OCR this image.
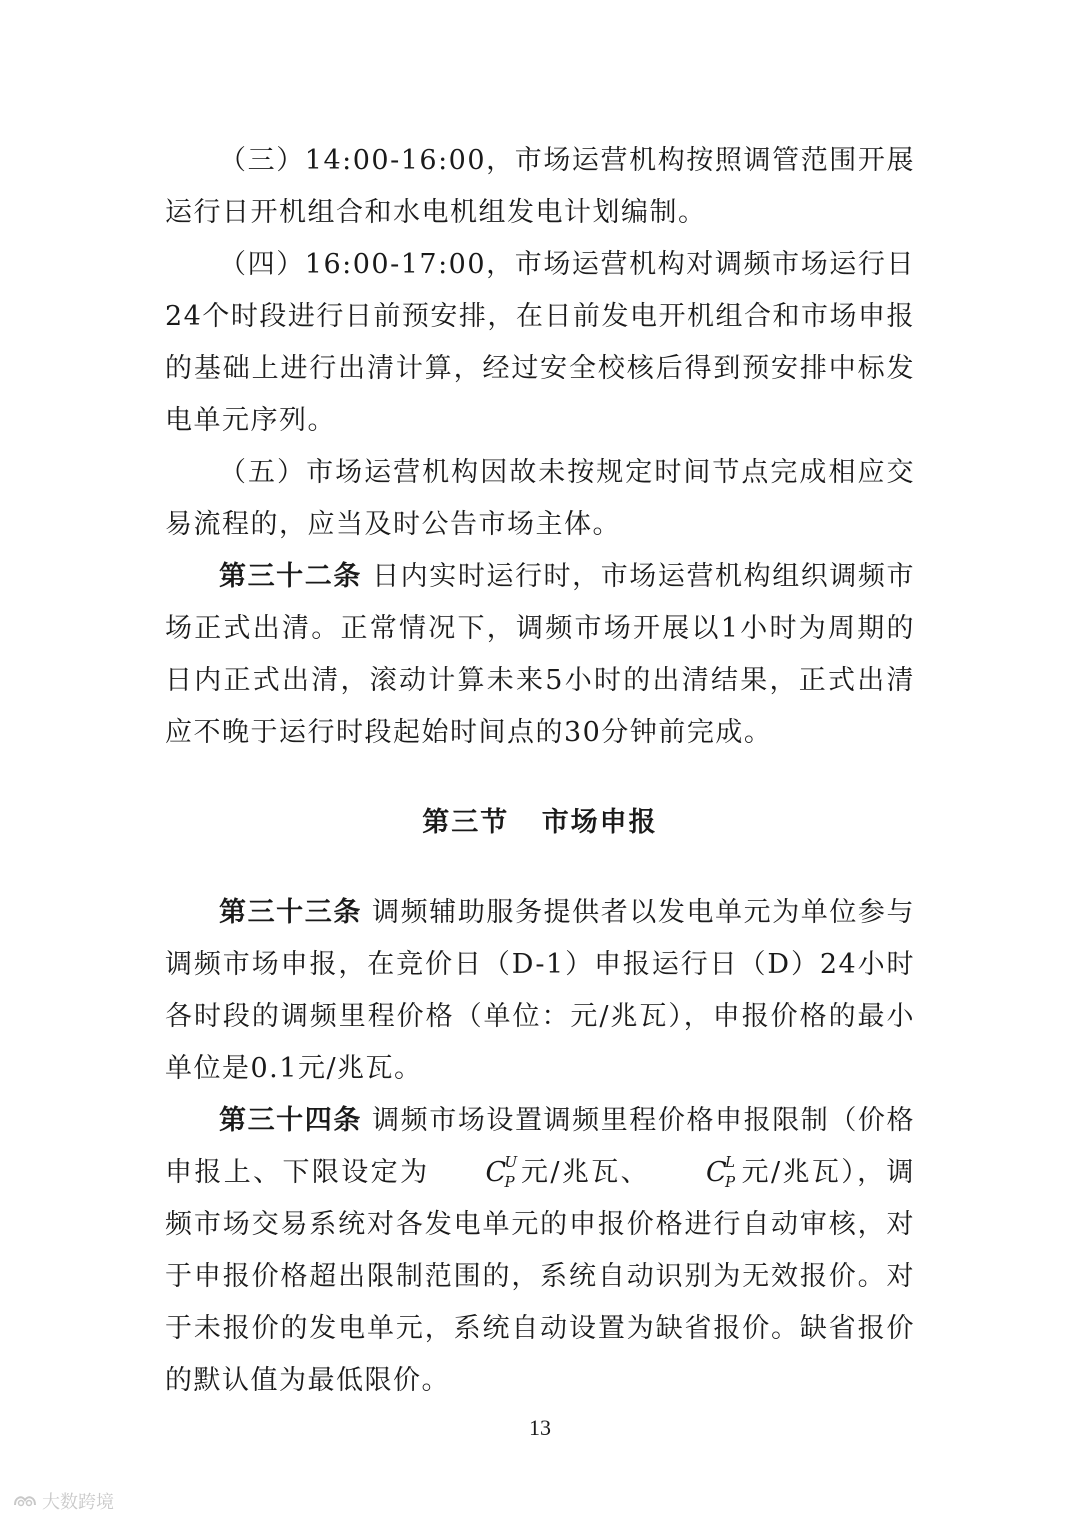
（三）14:00-16:00，市场运营机构按照调管范围开展运行日开机组合和水电机组发电计划编制。

（四）16:00-17:00，市场运营机构对调频市场运行日24个时段进行日前预安排，在日前发电开机组合和市场申报的基础上进行出清计算，经过安全校核后得到预安排中标发电单元序列。

（五）市场运营机构因故未按规定时间节点完成相应交易流程的，应当及时公告市场主体。

第三十二条 日内实时运行时，市场运营机构组织调频市场正式出清。正常情况下，调频市场开展以1小时为周期的日内正式出清，滚动计算未来5小时的出清结果，正式出清应不晚于运行时段起始时间点的30分钟前完成。

第三节 市场申报

第三十三条 调频辅助服务提供者以发电单元为单位参与调频市场申报，在竞价日（D-1）申报运行日（D）24小时各时段的调频里程价格（单位：元/兆瓦），申报价格的最小单位是0.1元/兆瓦。

第三十四条 调频市场设置调频里程价格申报限制（价格申报上、下限设定为 C
U
P 元/兆瓦、 C
L
P 元/兆瓦），调频市场交易系统对各发电单元的申报价格进行自动审核，对于申报价格超出限制范围的，系统自动识别为无效报价。对于未报价的发电单元，系统自动设置为缺省报价。缺省报价的默认值为最低限价。

13
大数跨境
